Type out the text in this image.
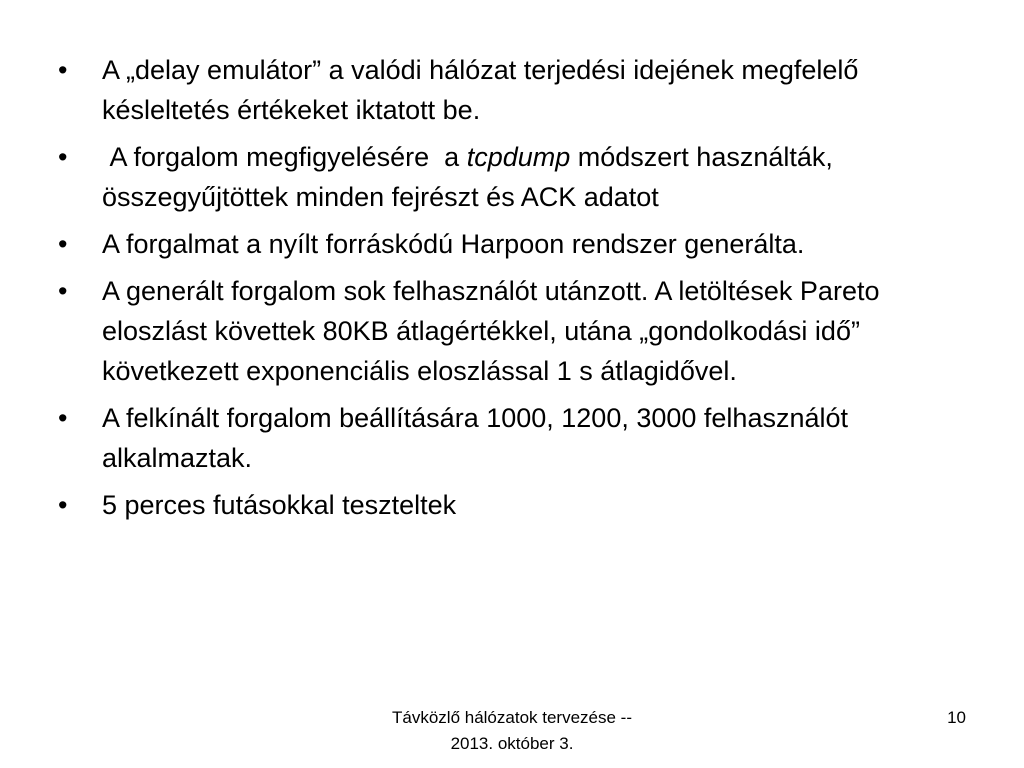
•	A „delay emulátor” a valódi hálózat terjedési idejének megfelelő késleltetés értékeket iktatott be.
•	A forgalom megfigyelésére  a tcpdump módszert használták, összegyűjtöttek minden fejrészt és ACK adatot
•	A forgalmat a nyílt forráskódú Harpoon rendszer generálta.
•	A generált forgalom sok felhasználót utánzott. A letöltések Pareto eloszlást követtek 80KB átlagértékkel, utána „gondolkodási idő” következett exponenciális eloszlással 1 s átlagidővel.
•	A felkínált forgalom beállítására 1000, 1200, 3000 felhasználót alkalmaztak.
•	5 perces futásokkal teszteltek
Távközlő hálózatok tervezése --
2013. október 3.
10
